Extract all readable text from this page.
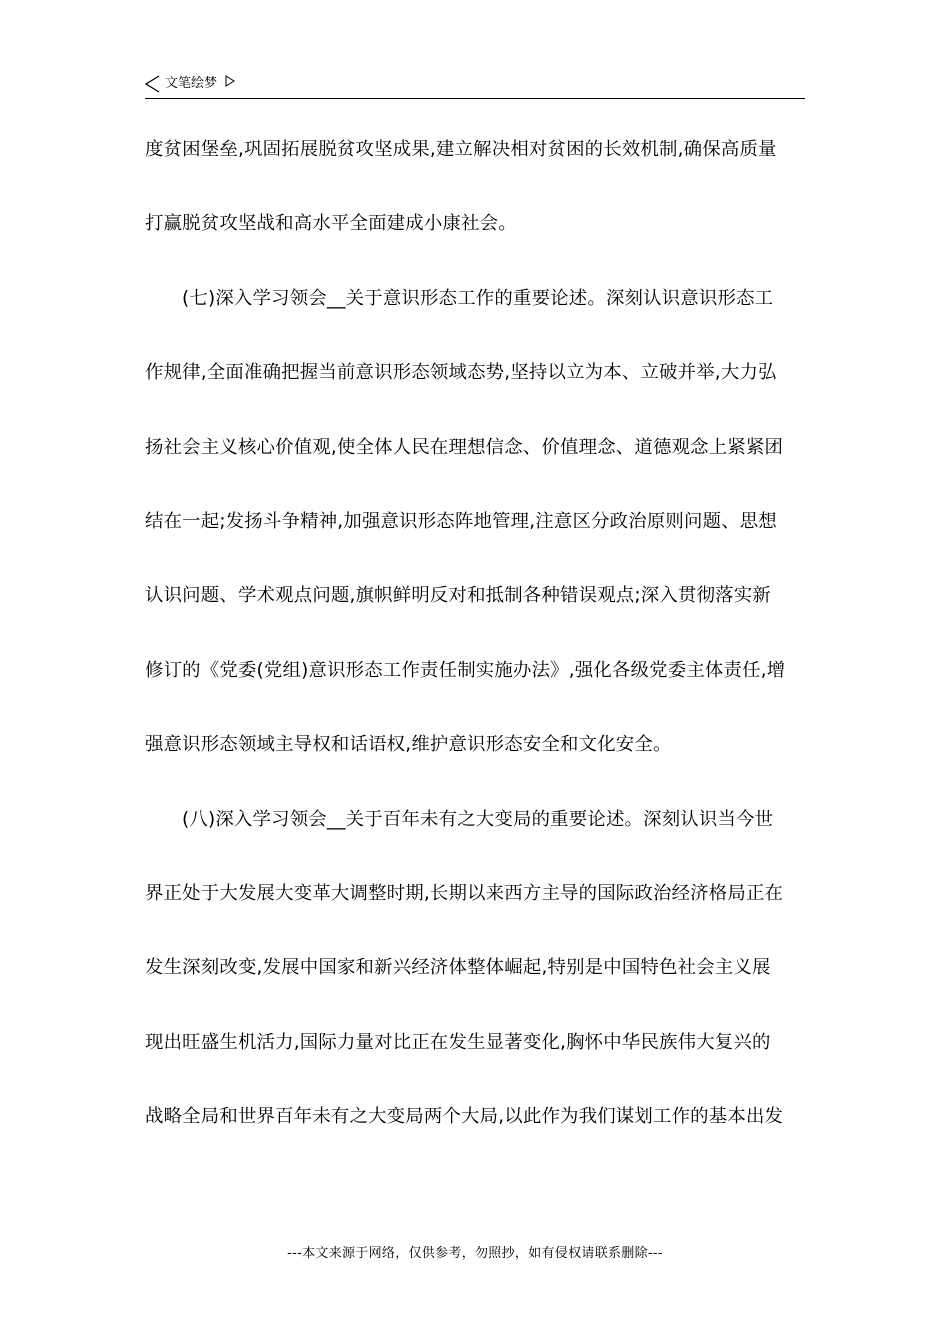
文笔绘梦
度贫困堡垒,巩固拓展脱贫攻坚成果,建立解决相对贫困的长效机制,确保高质量
打赢脱贫攻坚战和高水平全面建成小康社会。
(七)深入学习领会__关于意识形态工作的重要论述。深刻认识意识形态工
作规律,全面准确把握当前意识形态领域态势,坚持以立为本、立破并举,大力弘
扬社会主义核心价值观,使全体人民在理想信念、价值理念、道德观念上紧紧团
结在一起;发扬斗争精神,加强意识形态阵地管理,注意区分政治原则问题、思想
认识问题、学术观点问题,旗帜鲜明反对和抵制各种错误观点;深入贯彻落实新
修订的《党委(党组)意识形态工作责任制实施办法》,强化各级党委主体责任,增
强意识形态领域主导权和话语权,维护意识形态安全和文化安全。
(八)深入学习领会__关于百年未有之大变局的重要论述。深刻认识当今世
界正处于大发展大变革大调整时期,长期以来西方主导的国际政治经济格局正在
发生深刻改变,发展中国家和新兴经济体整体崛起,特别是中国特色社会主义展
现出旺盛生机活力,国际力量对比正在发生显著变化,胸怀中华民族伟大复兴的
战略全局和世界百年未有之大变局两个大局,以此作为我们谋划工作的基本出发
---本文来源于网络，仅供参考，勿照抄，如有侵权请联系删除---
